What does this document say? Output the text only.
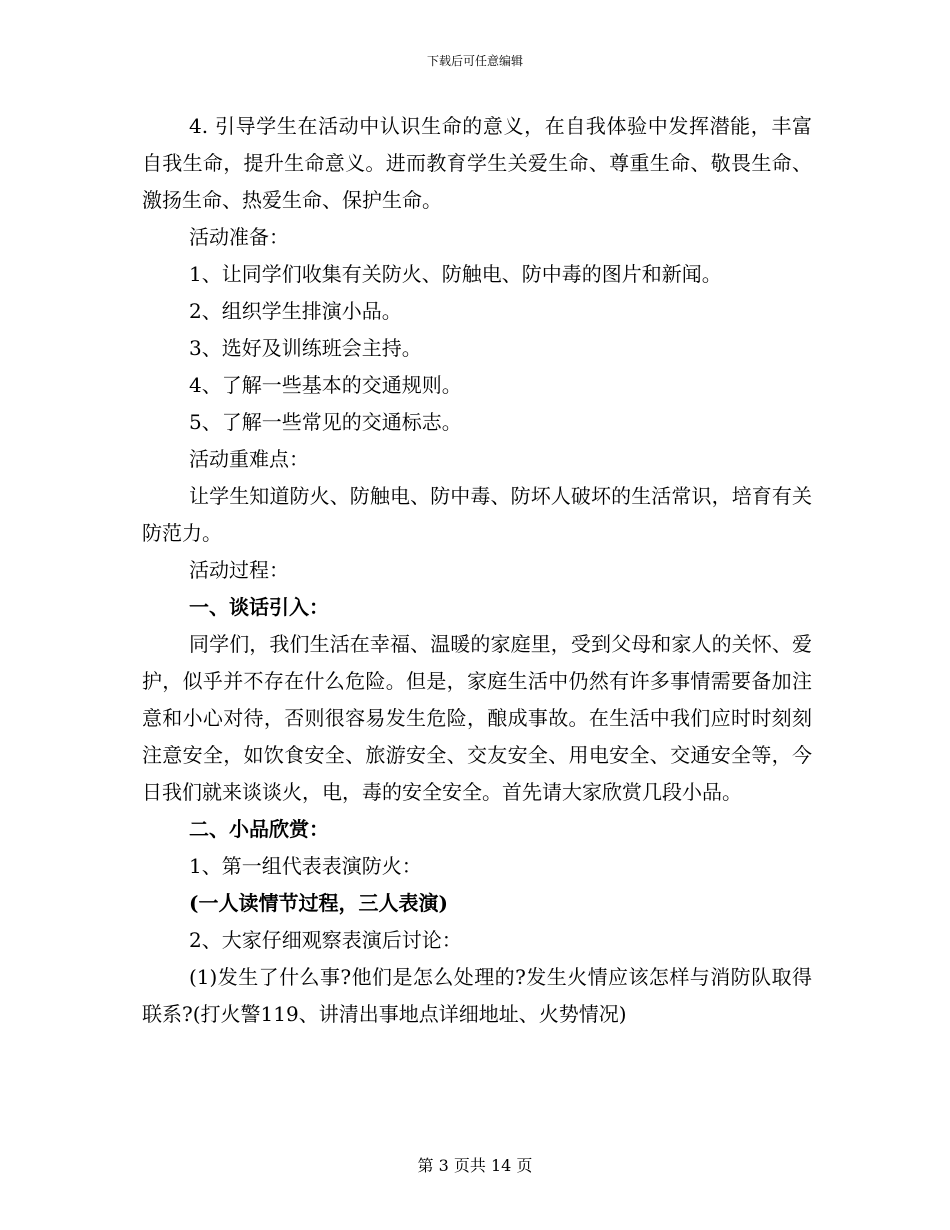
下载后可任意编辑

4. 引导学生在活动中认识生命的意义，在自我体验中发挥潜能，丰富自我生命，提升生命意义。进而教育学生关爱生命、尊重生命、敬畏生命、激扬生命、热爱生命、保护生命。

活动准备：

1、让同学们收集有关防火、防触电、防中毒的图片和新闻。

2、组织学生排演小品。

3、选好及训练班会主持。

4、了解一些基本的交通规则。

5、了解一些常见的交通标志。

活动重难点：

让学生知道防火、防触电、防中毒、防坏人破坏的生活常识，培育有关防范力。

活动过程：

一、谈话引入：

同学们，我们生活在幸福、温暖的家庭里，受到父母和家人的关怀、爱护，似乎并不存在什么危险。但是，家庭生活中仍然有许多事情需要备加注意和小心对待，否则很容易发生危险，酿成事故。在生活中我们应时时刻刻注意安全，如饮食安全、旅游安全、交友安全、用电安全、交通安全等，今日我们就来谈谈火，电，毒的安全安全。首先请大家欣赏几段小品。

二、小品欣赏：

1、第一组代表表演防火：

(一人读情节过程，三人表演)

2、大家仔细观察表演后讨论：

(1)发生了什么事?他们是怎么处理的?发生火情应该怎样与消防队取得联系?(打火警119、讲清出事地点详细地址、火势情况)

第 3 页共 14 页
